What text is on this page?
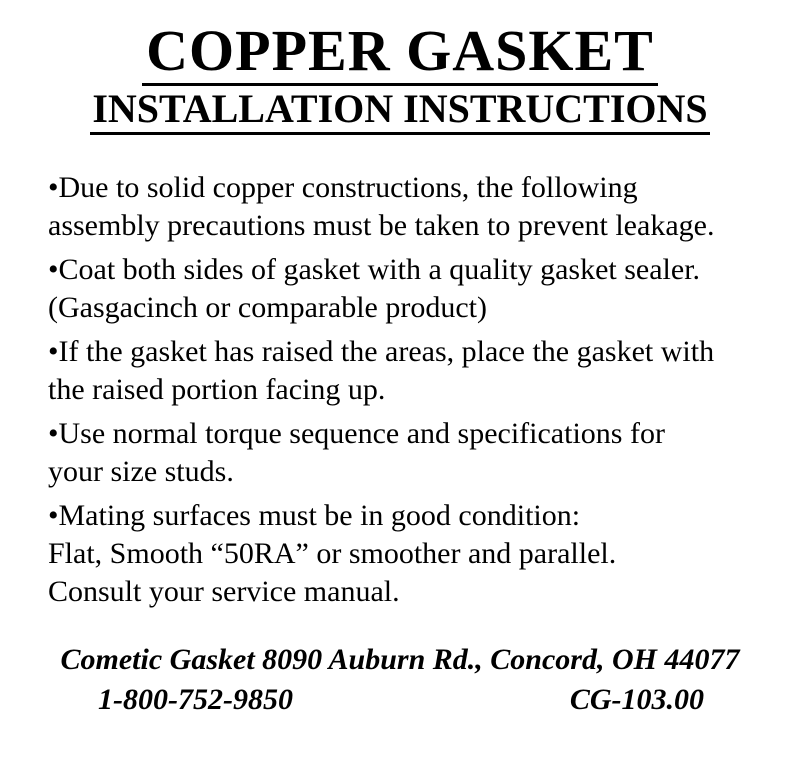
COPPER GASKET
INSTALLATION INSTRUCTIONS
•Due to solid copper constructions, the following
assembly precautions must be taken to prevent leakage.
•Coat both sides of gasket with a quality gasket sealer.
(Gasgacinch or comparable product)
•If the gasket has raised the areas, place the gasket with
the raised portion facing up.
•Use normal torque sequence and specifications for
your size studs.
•Mating surfaces must be in good condition:
Flat, Smooth “50RA” or smoother and parallel.
Consult your service manual.
Cometic Gasket 8090 Auburn Rd., Concord, OH 44077
1-800-752-9850	CG-103.00
